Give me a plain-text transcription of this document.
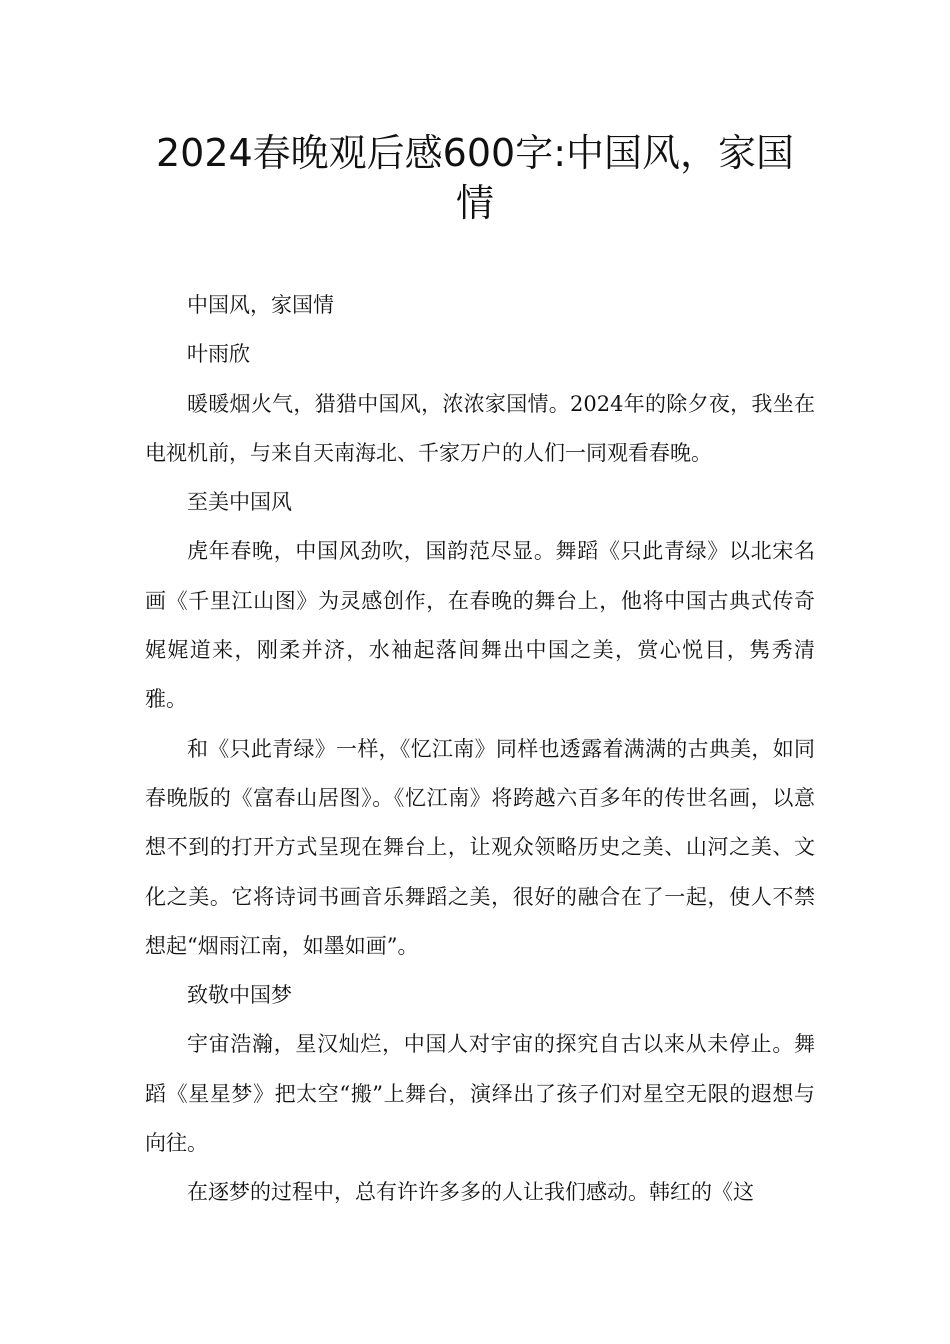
2024春晚观后感600字:中国风，家国情

中国风，家国情

叶雨欣

暖暖烟火气，猎猎中国风，浓浓家国情。2024年的除夕夜，我坐在电视机前，与来自天南海北、千家万户的人们一同观看春晚。

至美中国风

虎年春晚，中国风劲吹，国韵范尽显。舞蹈《只此青绿》以北宋名画《千里江山图》为灵感创作，在春晚的舞台上，他将中国古典式传奇娓娓道来，刚柔并济，水袖起落间舞出中国之美，赏心悦目，隽秀清雅。

和《只此青绿》一样，《忆江南》同样也透露着满满的古典美，如同春晚版的《富春山居图》。《忆江南》将跨越六百多年的传世名画，以意想不到的打开方式呈现在舞台上，让观众领略历史之美、山河之美、文化之美。它将诗词书画音乐舞蹈之美，很好的融合在了一起，使人不禁想起“烟雨江南，如墨如画”。

致敬中国梦

宇宙浩瀚，星汉灿烂，中国人对宇宙的探究自古以来从未停止。舞蹈《星星梦》把太空“搬”上舞台，演绎出了孩子们对星空无限的遐想与向往。

在逐梦的过程中，总有许许多多的人让我们感动。韩红的《这
